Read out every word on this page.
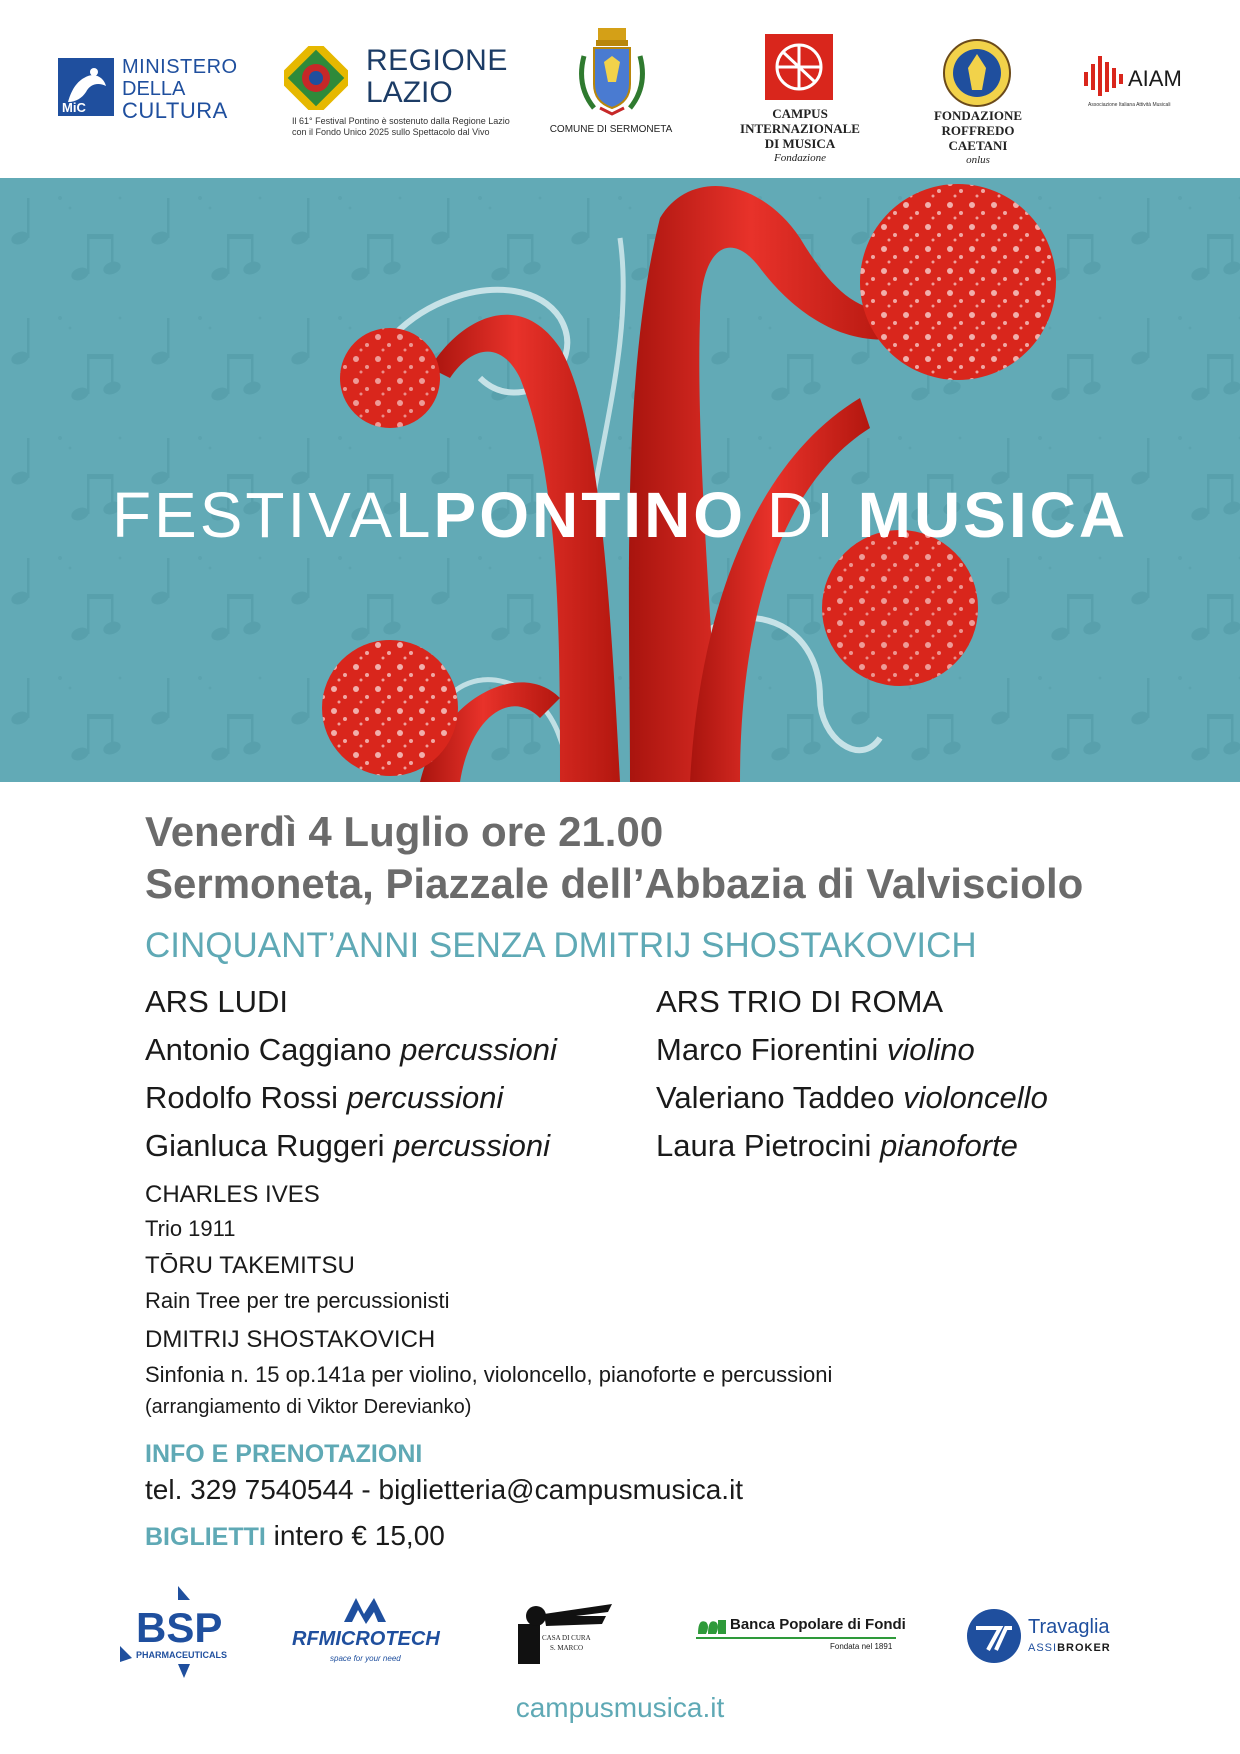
MiC
MINISTERO
DELLA
CULTURA
REGIONE
LAZIO
Il 61° Festival Pontino è sostenuto dalla Regione Lazio
con il Fondo Unico 2025 sullo Spettacolo dal Vivo	COMUNE DI SERMONETA
CAMPUS
INTERNAZIONALE
DI MUSICA
Fondazione
FONDAZIONE
ROFFREDO
CAETANI
onlus
AIAM
Associazione Italiana Attività Musicali
FESTIVALPONTINO DI MUSICA
Venerdì 4 Luglio ore 21.00
Sermoneta, Piazzale dell’Abbazia di Valvisciolo
CINQUANT’ANNI SENZA DMITRIJ SHOSTAKOVICH
ARS LUDI
Antonio Caggiano percussioni
Rodolfo Rossi percussioni
Gianluca Ruggeri percussioni
ARS TRIO DI ROMA
Marco Fiorentini violino
Valeriano Taddeo violoncello
Laura Pietrocini pianoforte
CHARLES IVES
Trio 1911
TŌRU TAKEMITSU
Rain Tree per tre percussionisti
DMITRIJ SHOSTAKOVICH
Sinfonia n. 15 op.141a per violino, violoncello, pianoforte e percussioni
(arrangiamento di Viktor Derevianko)
INFO E PRENOTAZIONI
tel. 329 7540544 - biglietteria@campusmusica.it
BIGLIETTI intero € 15,00
BSP
PHARMACEUTICALS
RFMICROTECH
space for your need
CASA DI CURA
S. MARCO
Banca Popolare di Fondi
Fondata nel 1891
Travaglia
ASSIBROKER
campusmusica.it
